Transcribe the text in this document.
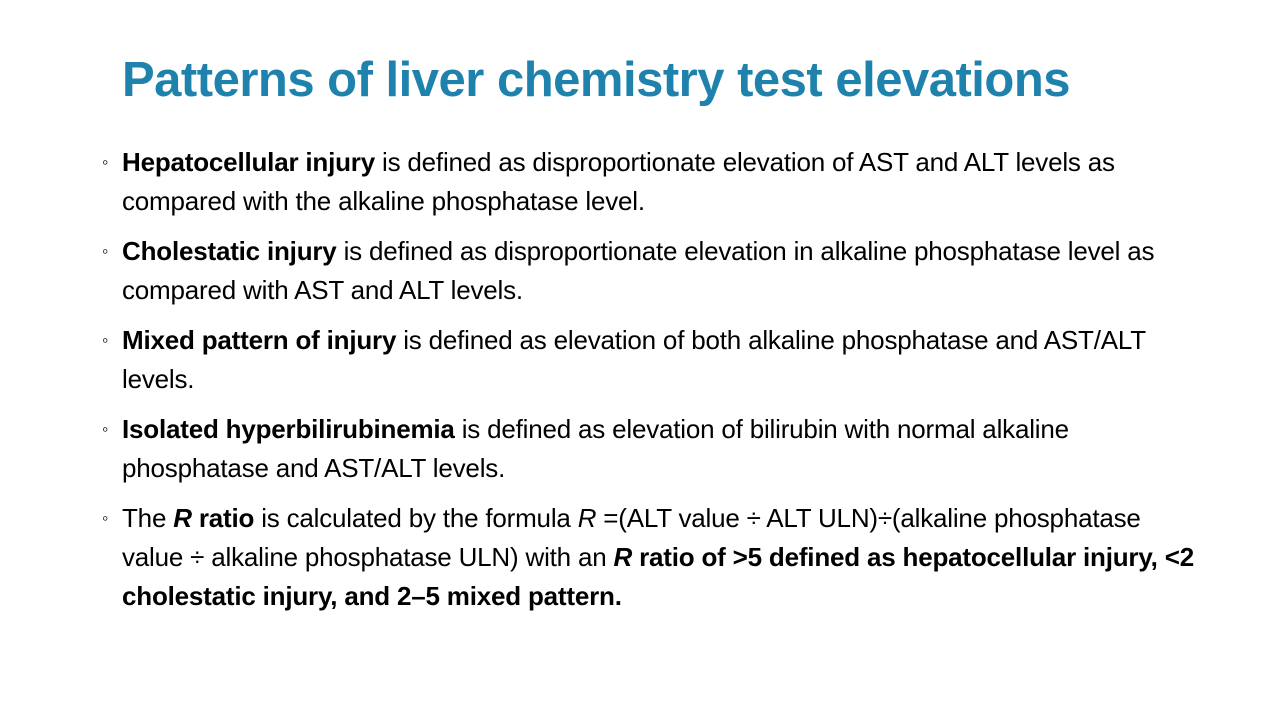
Patterns of liver chemistry test elevations
◦ Hepatocellular injury is defined as disproportionate elevation of AST and ALT levels as compared with the alkaline phosphatase level.
◦ Cholestatic injury is defined as disproportionate elevation in alkaline phosphatase level as compared with AST and ALT levels.
◦ Mixed pattern of injury is defined as elevation of both alkaline phosphatase and AST/ALT levels.
◦ Isolated hyperbilirubinemia is defined as elevation of bilirubin with normal alkaline phosphatase and AST/ALT levels.
◦ The R ratio is calculated by the formula R =(ALT value ÷ ALT ULN)÷(alkaline phosphatase value ÷ alkaline phosphatase ULN) with an R ratio of >5 defined as hepatocellular injury, <2 cholestatic injury, and 2–5 mixed pattern.
